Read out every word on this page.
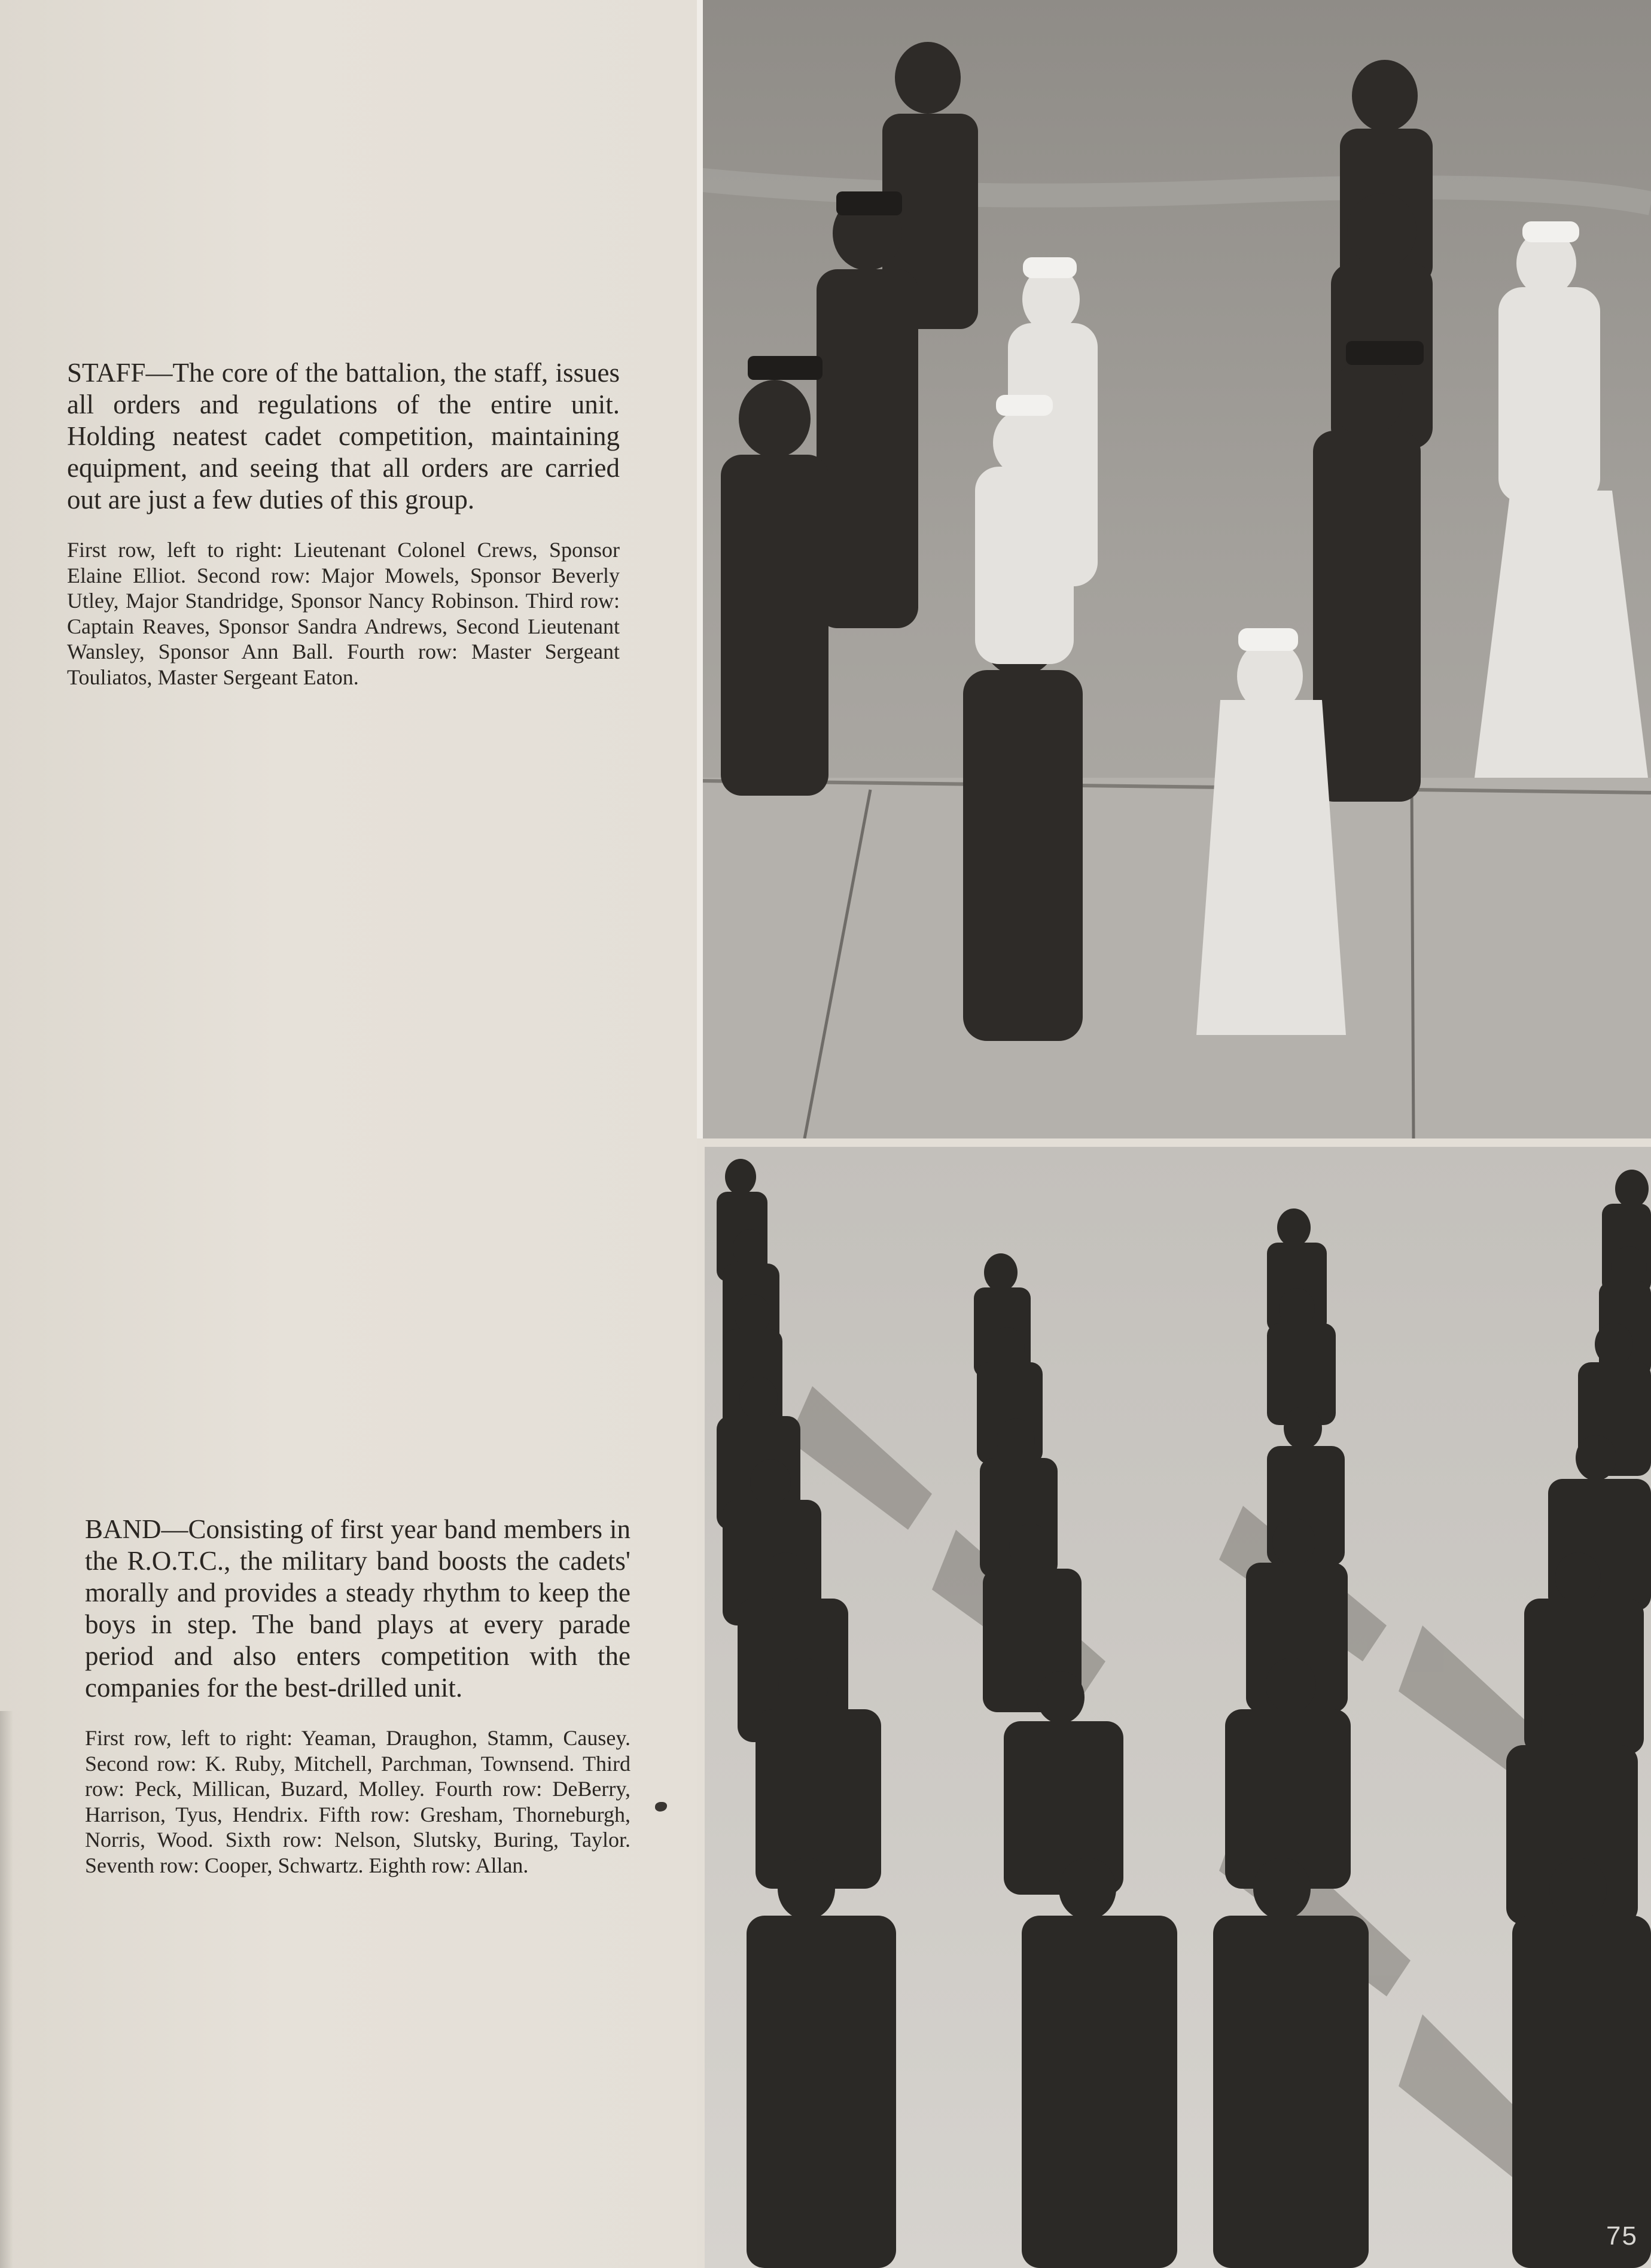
STAFF—The core of the battalion, the staff, issues all orders and regulations of the entire unit. Holding neatest cadet competition, maintaining equipment, and seeing that all orders are carried out are just a few duties of this group.

First row, left to right: Lieutenant Colonel Crews, Sponsor Elaine Elliot. Second row: Major Mowels, Sponsor Beverly Utley, Major Standridge, Sponsor Nancy Robinson. Third row: Captain Reaves, Sponsor Sandra Andrews, Second Lieutenant Wansley, Sponsor Ann Ball. Fourth row: Master Sergeant Touliatos, Master Sergeant Eaton.

BAND—Consisting of first year band members in the R.O.T.C., the military band boosts the cadets' morally and provides a steady rhythm to keep the boys in step. The band plays at every parade period and also enters competition with the companies for the best-drilled unit.

First row, left to right: Yeaman, Draughon, Stamm, Causey. Second row: K. Ruby, Mitchell, Parchman, Townsend. Third row: Peck, Millican, Buzard, Molley. Fourth row: DeBerry, Harrison, Tyus, Hendrix. Fifth row: Gresham, Thorneburgh, Norris, Wood. Sixth row: Nelson, Slutsky, Buring, Taylor. Seventh row: Cooper, Schwartz. Eighth row: Allan.

75
